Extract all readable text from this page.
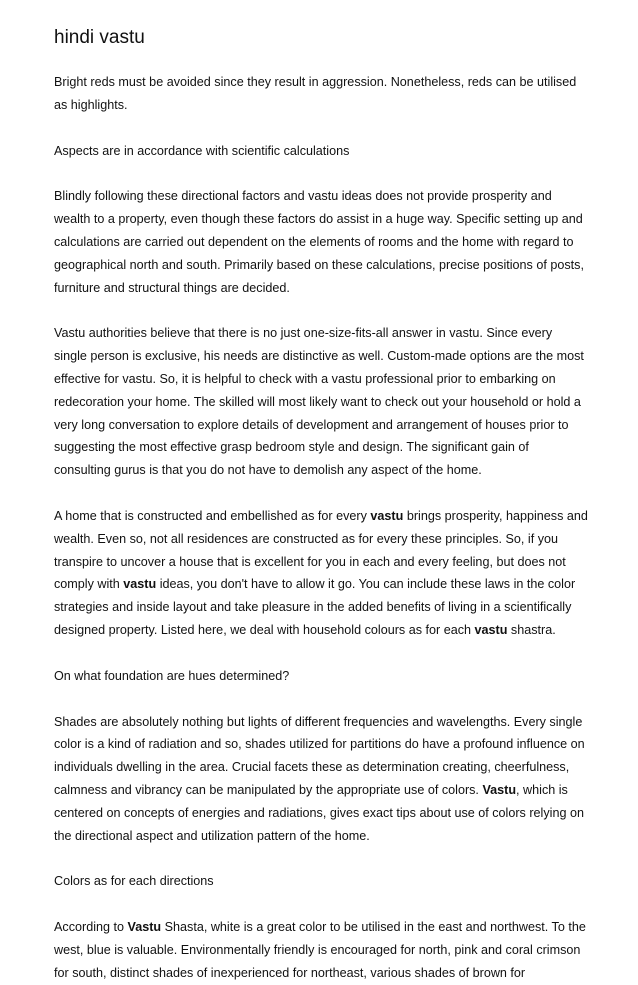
hindi vastu

Bright reds must be avoided since they result in aggression. Nonetheless, reds can be utilised as highlights.

Aspects are in accordance with scientific calculations

Blindly following these directional factors and vastu ideas does not provide prosperity and wealth to a property, even though these factors do assist in a huge way. Specific setting up and calculations are carried out dependent on the elements of rooms and the home with regard to geographical north and south. Primarily based on these calculations, precise positions of posts, furniture and structural things are decided.

Vastu authorities believe that there is no just one-size-fits-all answer in vastu. Since every single person is exclusive, his needs are distinctive as well. Custom-made options are the most effective for vastu. So, it is helpful to check with a vastu professional prior to embarking on redecoration your home. The skilled will most likely want to check out your household or hold a very long conversation to explore details of development and arrangement of houses prior to suggesting the most effective grasp bedroom style and design. The significant gain of consulting gurus is that you do not have to demolish any aspect of the home.

A home that is constructed and embellished as for every vastu brings prosperity, happiness and wealth. Even so, not all residences are constructed as for every these principles. So, if you transpire to uncover a house that is excellent for you in each and every feeling, but does not comply with vastu ideas, you don't have to allow it go. You can include these laws in the color strategies and inside layout and take pleasure in the added benefits of living in a scientifically designed property. Listed here, we deal with household colours as for each vastu shastra.

On what foundation are hues determined?

Shades are absolutely nothing but lights of different frequencies and wavelengths. Every single color is a kind of radiation and so, shades utilized for partitions do have a profound influence on individuals dwelling in the area. Crucial facets these as determination creating, cheerfulness, calmness and vibrancy can be manipulated by the appropriate use of colors. Vastu, which is centered on concepts of energies and radiations, gives exact tips about use of colors relying on the directional aspect and utilization pattern of the home.

Colors as for each directions

According to Vastu Shasta, white is a great color to be utilised in the east and northwest. To the west, blue is valuable. Environmentally friendly is encouraged for north, pink and coral crimson for south, distinct shades of inexperienced for northeast, various shades of brown for
